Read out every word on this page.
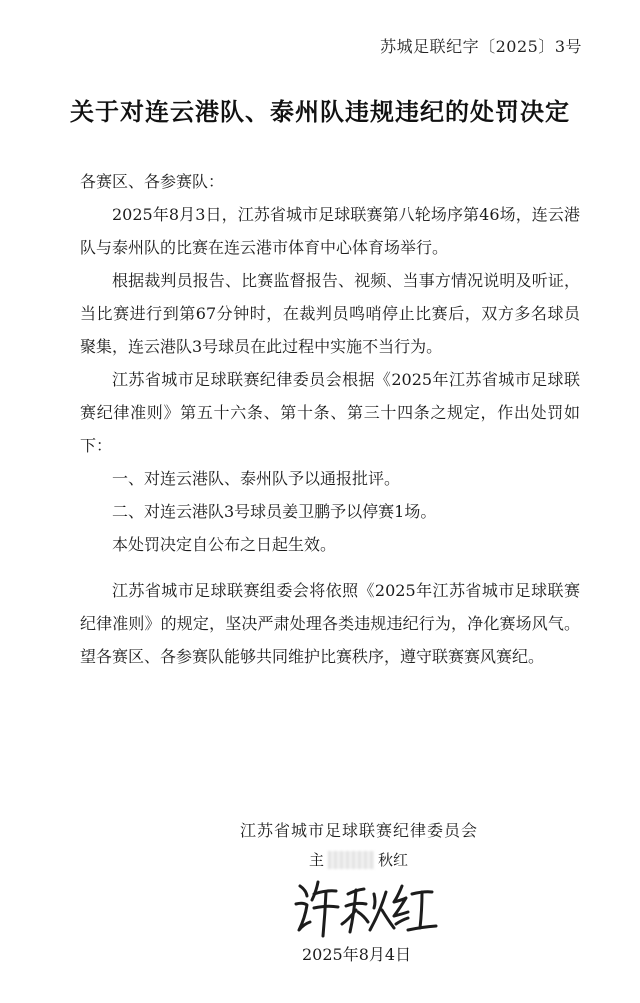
苏城足联纪字〔2025〕3号
关于对连云港队、泰州队违规违纪的处罚决定

各赛区、各参赛队：

2025年8月3日，江苏省城市足球联赛第八轮场序第46场，连云港队与泰州队的比赛在连云港市体育中心体育场举行。

根据裁判员报告、比赛监督报告、视频、当事方情况说明及听证，当比赛进行到第67分钟时，在裁判员鸣哨停止比赛后，双方多名球员聚集，连云港队3号球员在此过程中实施不当行为。

江苏省城市足球联赛纪律委员会根据《2025年江苏省城市足球联赛纪律准则》第五十六条、第十条、第三十四条之规定，作出处罚如下：

一、对连云港队、泰州队予以通报批评。

二、对连云港队3号球员姜卫鹏予以停赛1场。

本处罚决定自公布之日起生效。

江苏省城市足球联赛组委会将依照《2025年江苏省城市足球联赛纪律准则》的规定，坚决严肃处理各类违规违纪行为，净化赛场风气。望各赛区、各参赛队能够共同维护比赛秩序，遵守联赛赛风赛纪。

江苏省城市足球联赛纪律委员会
主	秋红
2025年8月4日
